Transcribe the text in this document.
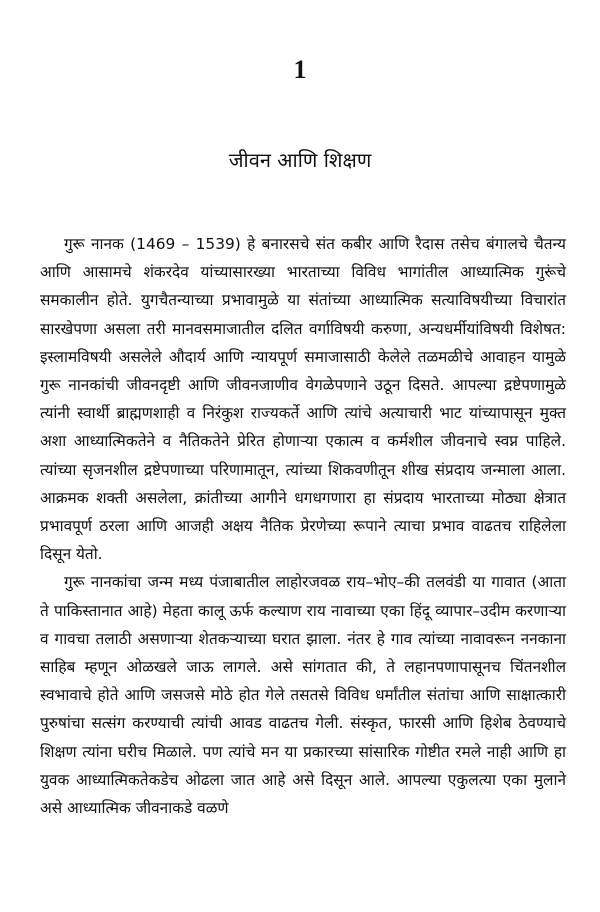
1
जीवन आणि शिक्षण

गुरू नानक (1469 – 1539) हे बनारसचे संत कबीर आणि रैदास तसेच बंगालचे चैतन्य आणि आसामचे शंकरदेव यांच्यासारख्या भारताच्या विविध भागांतील आध्यात्मिक गुरूंचे समकालीन होते. युगचैतन्याच्या प्रभावामुळे या संतांच्या आध्यात्मिक सत्याविषयीच्या विचारांत सारखेपणा असला तरी मानवसमाजातील दलित वर्गाविषयी करुणा, अन्यधर्मीयांविषयी विशेषत: इस्लामविषयी असलेले औदार्य आणि न्यायपूर्ण समाजासाठी केलेले तळमळीचे आवाहन यामुळे गुरू नानकांची जीवनदृष्टी आणि जीवनजाणीव वेगळेपणाने उठून दिसते. आपल्या द्रष्टेपणामुळे त्यांनी स्वार्थी ब्राह्मणशाही व निरंकुश राज्यकर्ते आणि त्यांचे अत्याचारी भाट यांच्यापासून मुक्त अशा आध्यात्मिकतेने व नैतिकतेने प्रेरित होणाऱ्या एकात्म व कर्मशील जीवनाचे स्वप्न पाहिले. त्यांच्या सृजनशील द्रष्टेपणाच्या परिणामातून, त्यांच्या शिकवणीतून शीख संप्रदाय जन्माला आला. आक्रमक शक्ती असलेला, क्रांतीच्या आगीने धगधगणारा हा संप्रदाय भारताच्या मोठ्या क्षेत्रात प्रभावपूर्ण ठरला आणि आजही अक्षय नैतिक प्रेरणेच्या रूपाने त्याचा प्रभाव वाढतच राहिलेला दिसून येतो.

गुरू नानकांचा जन्म मध्य पंजाबातील लाहोरजवळ राय–भोए–की तलवंडी या गावात (आता ते पाकिस्तानात आहे) मेहता कालू ऊर्फ कल्याण राय नावाच्या एका हिंदू व्यापार–उदीम करणाऱ्या व गावचा तलाठी असणाऱ्या शेतकऱ्याच्या घरात झाला. नंतर हे गाव त्यांच्या नावावरून ननकाना साहिब म्हणून ओळखले जाऊ लागले. असे सांगतात की, ते लहानपणापासूनच चिंतनशील स्वभावाचे होते आणि जसजसे मोठे होत गेले तसतसे विविध धर्मांतील संतांचा आणि साक्षात्कारी पुरुषांचा सत्संग करण्याची त्यांची आवड वाढतच गेली. संस्कृत, फारसी आणि हिशेब ठेवण्याचे शिक्षण त्यांना घरीच मिळाले. पण त्यांचे मन या प्रकारच्या सांसारिक गोष्टीत रमले नाही आणि हा युवक आध्यात्मिकतेकडेच ओढला जात आहे असे दिसून आले. आपल्या एकुलत्या एका मुलाने असे आध्यात्मिक जीवनाकडे वळणे
